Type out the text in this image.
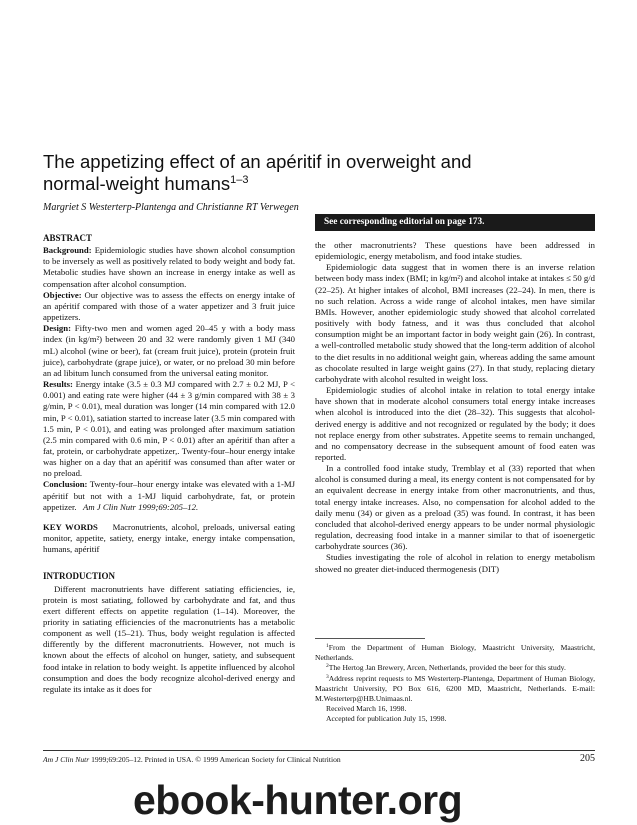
The appetizing effect of an apéritif in overweight and normal-weight humans$^{1-3}$
Margriet S Westerterp-Plantenga and Christianne RT Verwegen
See corresponding editorial on page 173.
ABSTRACT

Background: Epidemiologic studies have shown alcohol consumption to be inversely as well as positively related to body weight and body fat. Metabolic studies have shown an increase in energy intake as well as compensation after alcohol consumption.

Objective: Our objective was to assess the effects on energy intake of an apéritif compared with those of a water appetizer and 3 fruit juice appetizers.

Design: Fifty-two men and women aged 20–45 y with a body mass index (in kg/m²) between 20 and 32 were randomly given 1 MJ (340 mL) alcohol (wine or beer), fat (cream fruit juice), protein (protein fruit juice), carbohydrate (grape juice), or water, or no preload 30 min before an ad libitum lunch consumed from the universal eating monitor.

Results: Energy intake (3.5 ± 0.3 MJ compared with 2.7 ± 0.2 MJ, P < 0.001) and eating rate were higher (44 ± 3 g/min compared with 38 ± 3 g/min, P < 0.01), meal duration was longer (14 min compared with 12.0 min, P < 0.01), satiation started to increase later (3.5 min compared with 1.5 min, P < 0.01), and eating was prolonged after maximum satiation (2.5 min compared with 0.6 min, P < 0.01) after an apéritif than after a fat, protein, or carbohydrate appetizer,. Twenty-four–hour energy intake was higher on a day that an apéritif was consumed than after water or no preload.

Conclusion: Twenty-four–hour energy intake was elevated with a 1-MJ apéritif but not with a 1-MJ liquid carbohydrate, fat, or protein appetizer. Am J Clin Nutr 1999;69:205–12.

KEY WORDS Macronutrients, alcohol, preloads, universal eating monitor, appetite, satiety, energy intake, energy intake compensation, humans, apéritif

INTRODUCTION

Different macronutrients have different satiating efficiencies, ie, protein is most satiating, followed by carbohydrate and fat, and thus exert different effects on appetite regulation (1–14). Moreover, the priority in satiating efficiencies of the macronutrients has a metabolic component as well (15–21). Thus, body weight regulation is affected differently by the different macronutrients. However, not much is known about the effects of alcohol on hunger, satiety, and subsequent food intake in relation to body weight. Is appetite influenced by alcohol consumption and does the body recognize alcohol-derived energy and regulate its intake as it does for

the other macronutrients? These questions have been addressed in epidemiologic, energy metabolism, and food intake studies.

Epidemiologic data suggest that in women there is an inverse relation between body mass index (BMI; in kg/m²) and alcohol intake at intakes ≤ 50 g/d (22–25). At higher intakes of alcohol, BMI increases (22–24). In men, there is no such relation. Across a wide range of alcohol intakes, men have similar BMIs. However, another epidemiologic study showed that alcohol correlated positively with body fatness, and it was thus concluded that alcohol consumption might be an important factor in body weight gain (26). In contrast, a well-controlled metabolic study showed that the long-term addition of alcohol to the diet results in no additional weight gain, whereas adding the same amount as chocolate resulted in large weight gains (27). In that study, replacing dietary carbohydrate with alcohol resulted in weight loss.

Epidemiologic studies of alcohol intake in relation to total energy intake have shown that in moderate alcohol consumers total energy intake increases when alcohol is introduced into the diet (28–32). This suggests that alcohol-derived energy is additive and not recognized or regulated by the body; it does not replace energy from other substrates. Appetite seems to remain unchanged, and no compensatory decrease in the subsequent amount of food eaten was reported.

In a controlled food intake study, Tremblay et al (33) reported that when alcohol is consumed during a meal, its energy content is not compensated for by an equivalent decrease in energy intake from other macronutrients, and thus, total energy intake increases. Also, no compensation for alcohol added to the daily menu (34) or given as a preload (35) was found. In contrast, it has been concluded that alcohol-derived energy appears to be under normal physiologic regulation, decreasing food intake in a manner similar to that of isoenergetic carbohydrate sources (36).

Studies investigating the role of alcohol in relation to energy metabolism showed no greater diet-induced thermogenesis (DIT)

$^1$From the Department of Human Biology, Maastricht University, Maastricht, Netherlands.

$^2$The Hertog Jan Brewery, Arcen, Netherlands, provided the beer for this study.

$^3$Address reprint requests to MS Westerterp-Plantenga, Department of Human Biology, Maastricht University, PO Box 616, 6200 MD, Maastricht, Netherlands. E-mail: M.Westerterp@HB.Unimaas.nl.

Received March 16, 1998.

Accepted for publication July 15, 1998.

Am J Clin Nutr 1999;69:205–12. Printed in USA. © 1999 American Society for Clinical Nutrition	205
ebook-hunter.org
